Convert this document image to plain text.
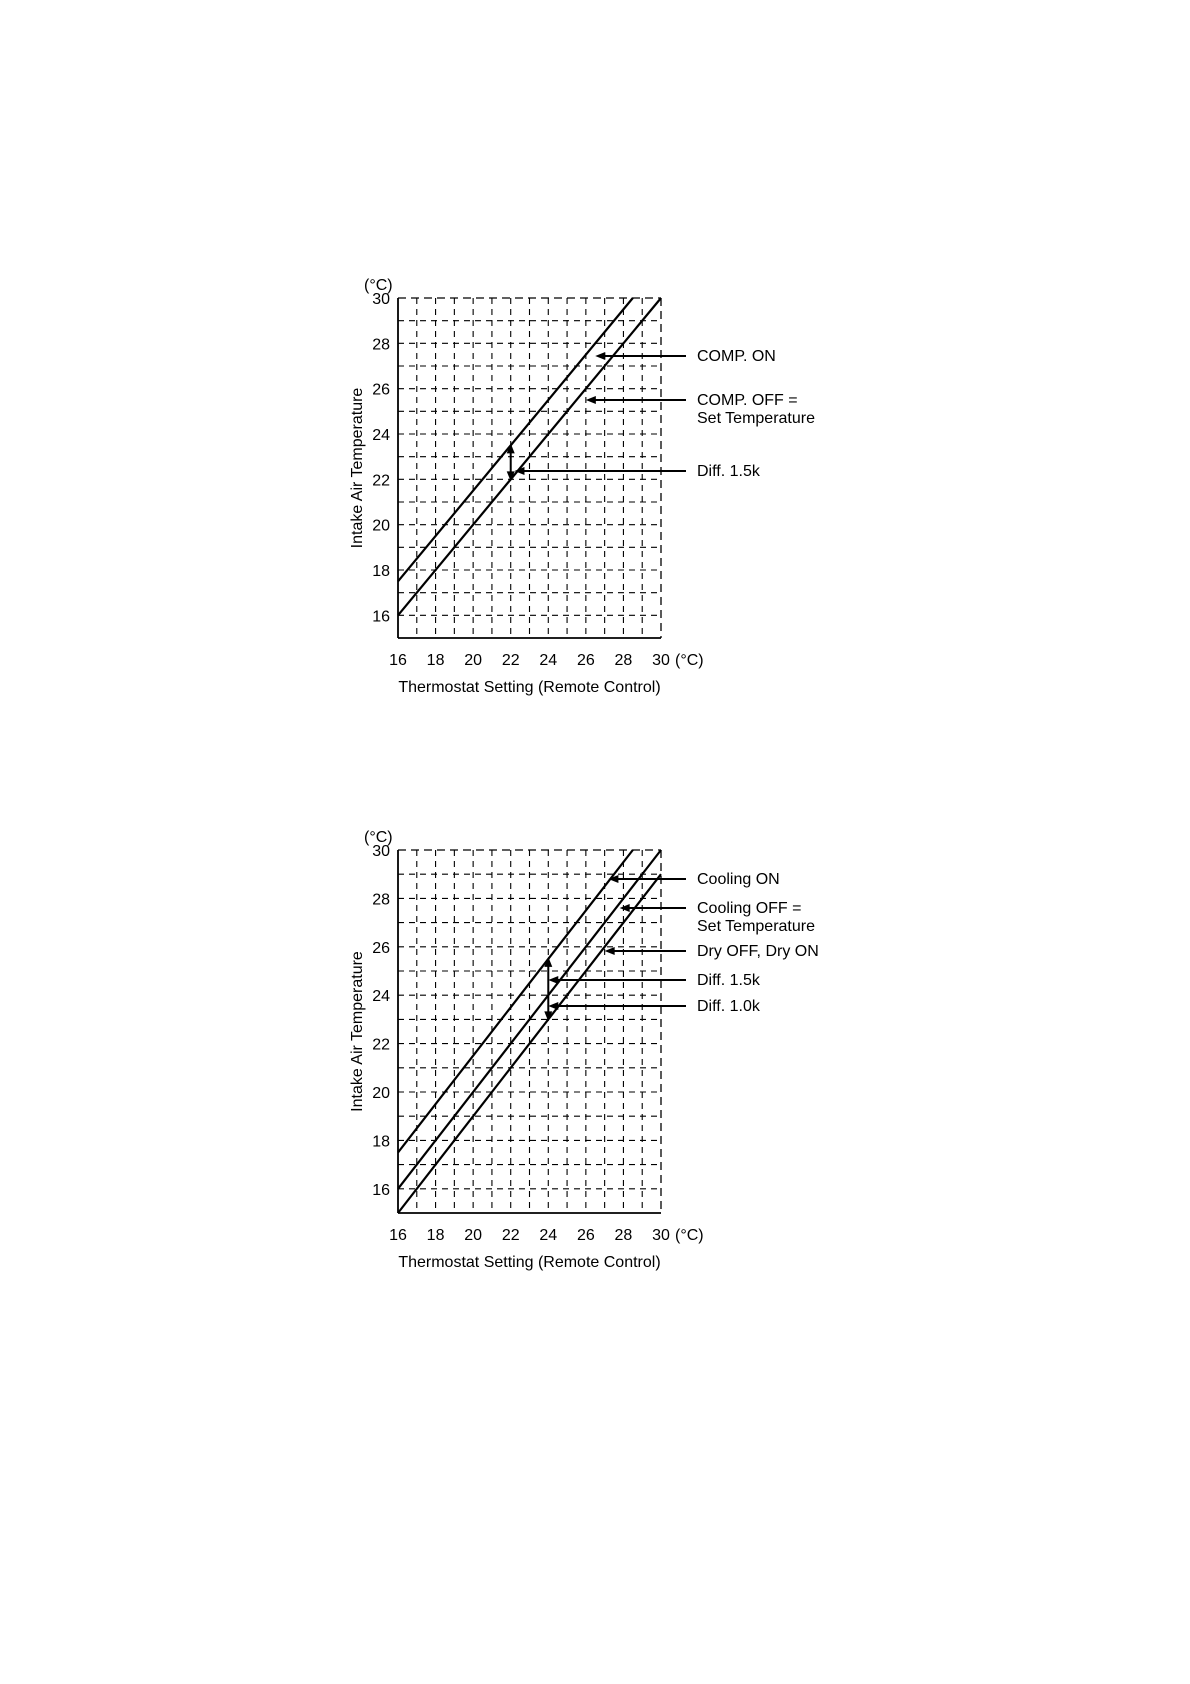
16
18
20
22
24
26
28
30
(°C)
16 18 20 22 24 26 28 30 (°C)
Thermostat Setting (Remote Control)
Intake Air Temperature
COMP. ON
COMP. OFF =
Set Temperature
Diff. 1.5k
16
18
20
22
24
26
28
30
(°C)
16 18 20 22 24 26 28 30 (°C)
Thermostat Setting (Remote Control)
Intake Air Temperature
Cooling ON
Cooling OFF =
Set Temperature
Dry OFF, Dry ON
Diff. 1.5k
Diff. 1.0k
